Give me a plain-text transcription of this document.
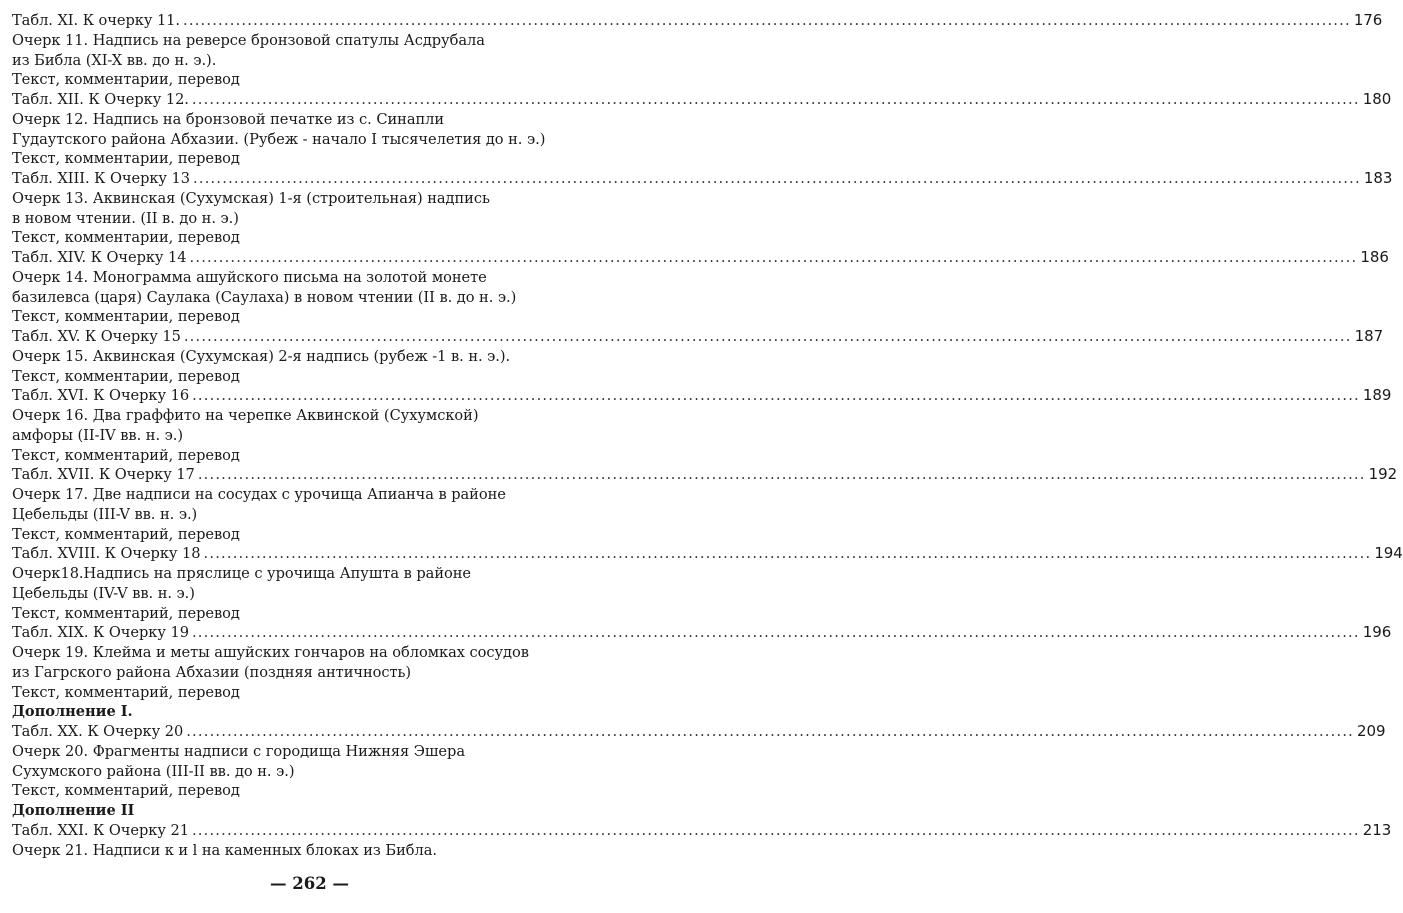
Табл. XI. К очерку 11. ........................................................................................................................................................................................................ 176
Очерк 11. Надпись на реверсе бронзовой спатулы Асдрубала
из Библа (XI-X вв. до н. э.).
Текст, комментарии, перевод
Табл. XII. К Очерку 12. ........................................................................................................................................................................................................ 180
Очерк 12. Надпись на бронзовой печатке из с. Синапли
Гудаутского района Абхазии. (Рубеж - начало I тысячелетия до н. э.)
Текст, комментарии, перевод
Табл. XIII. К Очерку 13 ........................................................................................................................................................................................................ 183
Очерк 13. Аквинская (Сухумская) 1-я (строительная) надпись
в новом чтении. (II в. до н. э.)
Текст, комментарии, перевод
Табл. XIV. К Очерку 14 ........................................................................................................................................................................................................ 186
Очерк 14. Монограмма ашуйского письма на золотой монете
базилевса (царя) Саулака (Саулаха) в новом чтении (II в. до н. э.)
Текст, комментарии, перевод
Табл. XV. К Очерку 15 ........................................................................................................................................................................................................ 187
Очерк 15. Аквинская (Сухумская) 2-я надпись (рубеж -1 в. н. э.).
Текст, комментарии, перевод
Табл. XVI. К Очерку 16 ........................................................................................................................................................................................................ 189
Очерк 16. Два граффито на черепке Аквинской (Сухумской)
амфоры (II-IV вв. н. э.)
Текст, комментарий, перевод
Табл. XVII. К Очерку 17 ........................................................................................................................................................................................................ 192
Очерк 17. Две надписи на сосудах с урочища Апианча в районе
Цебельды (III-V вв. н. э.)
Текст, комментарий, перевод
Табл. XVIII. К Очерку 18 ........................................................................................................................................................................................................ 194
Очерк18.Надпись на пряслице с урочища Апушта в районе
Цебельды (IV-V вв. н. э.)
Текст, комментарий, перевод
Табл. XIX. К Очерку 19 ........................................................................................................................................................................................................ 196
Очерк 19. Клейма и меты ашуйских гончаров на обломках сосудов
из Гагрского района Абхазии (поздняя античность)
Текст, комментарий, перевод
Дополнение I.
Табл. XX. К Очерку 20 ........................................................................................................................................................................................................ 209
Очерк 20. Фрагменты надписи с городища Нижняя Эшера
Сухумского района (III-II вв. до н. э.)
Текст, комментарий, перевод
Дополнение II
Табл. XXI. К Очерку 21 ........................................................................................................................................................................................................ 213
Очерк 21. Надписи к и l на каменных блоках из Библа.
— 262 —
